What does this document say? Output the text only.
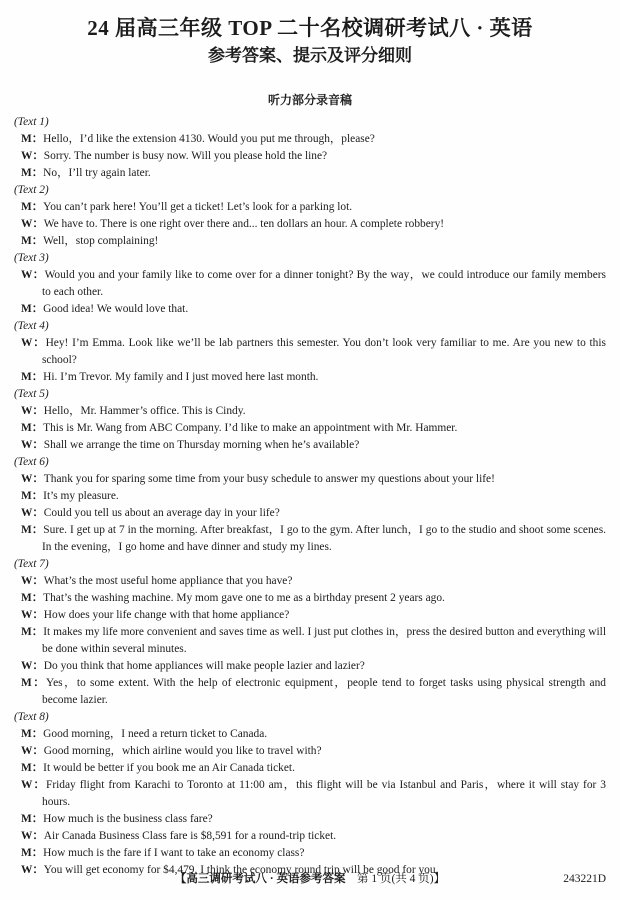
24 届高三年级 TOP 二十名校调研考试八 · 英语
参考答案、提示及评分细则
听力部分录音稿

(Text 1)

M：Hello，I’d like the extension 4130. Would you put me through，please?

W：Sorry. The number is busy now. Will you please hold the line?

M：No，I’ll try again later.

(Text 2)

M：You can’t park here! You’ll get a ticket! Let’s look for a parking lot.

W：We have to. There is one right over there and... ten dollars an hour. A complete robbery!

M：Well，stop complaining!

(Text 3)

W：Would you and your family like to come over for a dinner tonight? By the way，we could introduce our family members to each other.

M：Good idea! We would love that.

(Text 4)

W：Hey! I’m Emma. Look like we’ll be lab partners this semester. You don’t look very familiar to me. Are you new to this school?

M：Hi. I’m Trevor. My family and I just moved here last month.

(Text 5)

W：Hello，Mr. Hammer’s office. This is Cindy.

M：This is Mr. Wang from ABC Company. I’d like to make an appointment with Mr. Hammer.

W：Shall we arrange the time on Thursday morning when he’s available?

(Text 6)

W：Thank you for sparing some time from your busy schedule to answer my questions about your life!

M：It’s my pleasure.

W：Could you tell us about an average day in your life?

M：Sure. I get up at 7 in the morning. After breakfast，I go to the gym. After lunch，I go to the studio and shoot some scenes. In the evening，I go home and have dinner and study my lines.

(Text 7)

W：What’s the most useful home appliance that you have?

M：That’s the washing machine. My mom gave one to me as a birthday present 2 years ago.

W：How does your life change with that home appliance?

M：It makes my life more convenient and saves time as well. I just put clothes in，press the desired button and everything will be done within several minutes.

W：Do you think that home appliances will make people lazier and lazier?

M：Yes，to some extent. With the help of electronic equipment，people tend to forget tasks using physical strength and become lazier.

(Text 8)

M：Good morning，I need a return ticket to Canada.

W：Good morning，which airline would you like to travel with?

M：It would be better if you book me an Air Canada ticket.

W：Friday flight from Karachi to Toronto at 11:00 am，this flight will be via Istanbul and Paris，where it will stay for 3 hours.

M：How much is the business class fare?

W：Air Canada Business Class fare is $8,591 for a round-trip ticket.

M：How much is the fare if I want to take an economy class?

W：You will get economy for $4,479. I think the economy round trip will be good for you.

【高三调研考试八 · 英语参考答案　第 1 页(共 4 页)】	243221D
